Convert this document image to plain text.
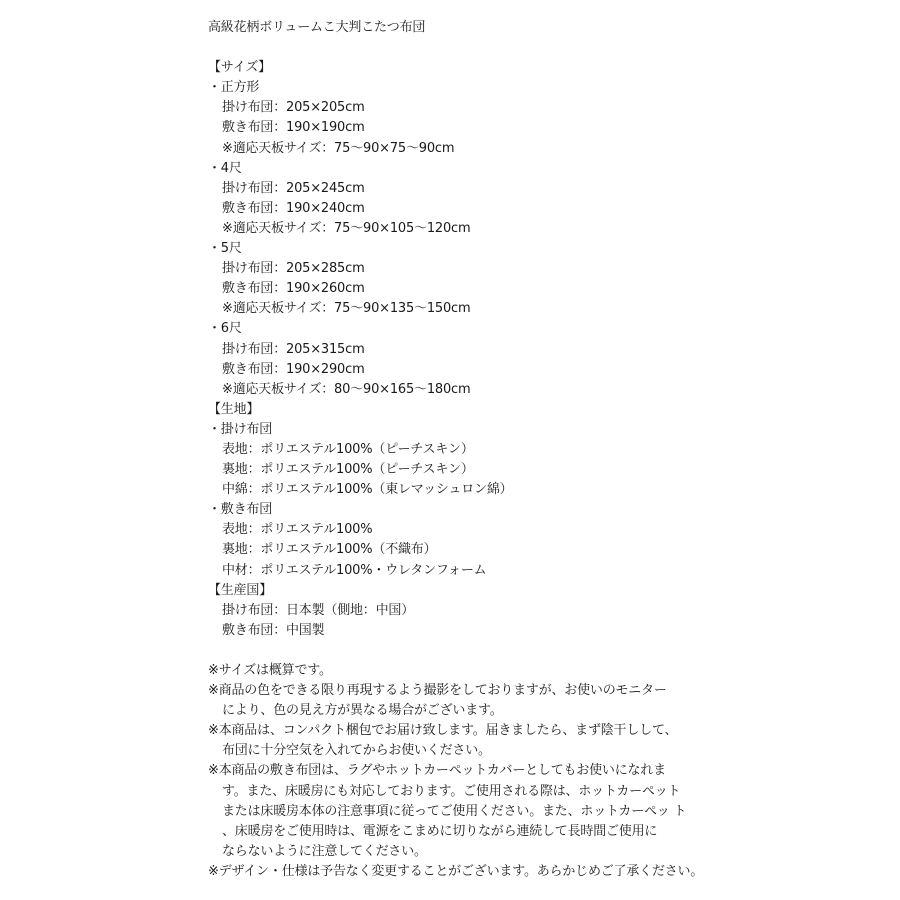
高級花柄ボリュームこ大判こたつ布団
【サイズ】
・正方形
掛け布団：205×205cm
敷き布団：190×190cm
※適応天板サイズ：75～90×75～90cm
・4尺
掛け布団：205×245cm
敷き布団：190×240cm
※適応天板サイズ：75～90×105～120cm
・5尺
掛け布団：205×285cm
敷き布団：190×260cm
※適応天板サイズ：75～90×135～150cm
・6尺
掛け布団：205×315cm
敷き布団：190×290cm
※適応天板サイズ：80～90×165～180cm
【生地】
・掛け布団
表地：ポリエステル100%（ピーチスキン）
裏地：ポリエステル100%（ピーチスキン）
中綿：ポリエステル100%（東レマッシュロン綿）
・敷き布団
表地：ポリエステル100%
裏地：ポリエステル100%（不織布）
中材：ポリエステル100%・ウレタンフォーム
【生産国】
掛け布団：日本製（側地：中国）
敷き布団：中国製
※サイズは概算です。
※商品の色をできる限り再現するよう撮影をしておりますが、お使いのモニター
により、色の見え方が異なる場合がございます。
※本商品は、コンパクト梱包でお届け致します。届きましたら、まず陰干しして、
布団に十分空気を入れてからお使いください。
※本商品の敷き布団は、ラグやホットカーペットカバーとしてもお使いになれま
す。また、床暖房にも対応しております。ご使用される際は、ホットカーペット
または床暖房本体の注意事項に従ってご使用ください。また、ホットカーペッ ト
、床暖房をご使用時は、電源をこまめに切りながら連続して長時間ご使用に
ならないように注意してください。
※デザイン・仕様は予告なく変更することがございます。あらかじめご了承ください。
